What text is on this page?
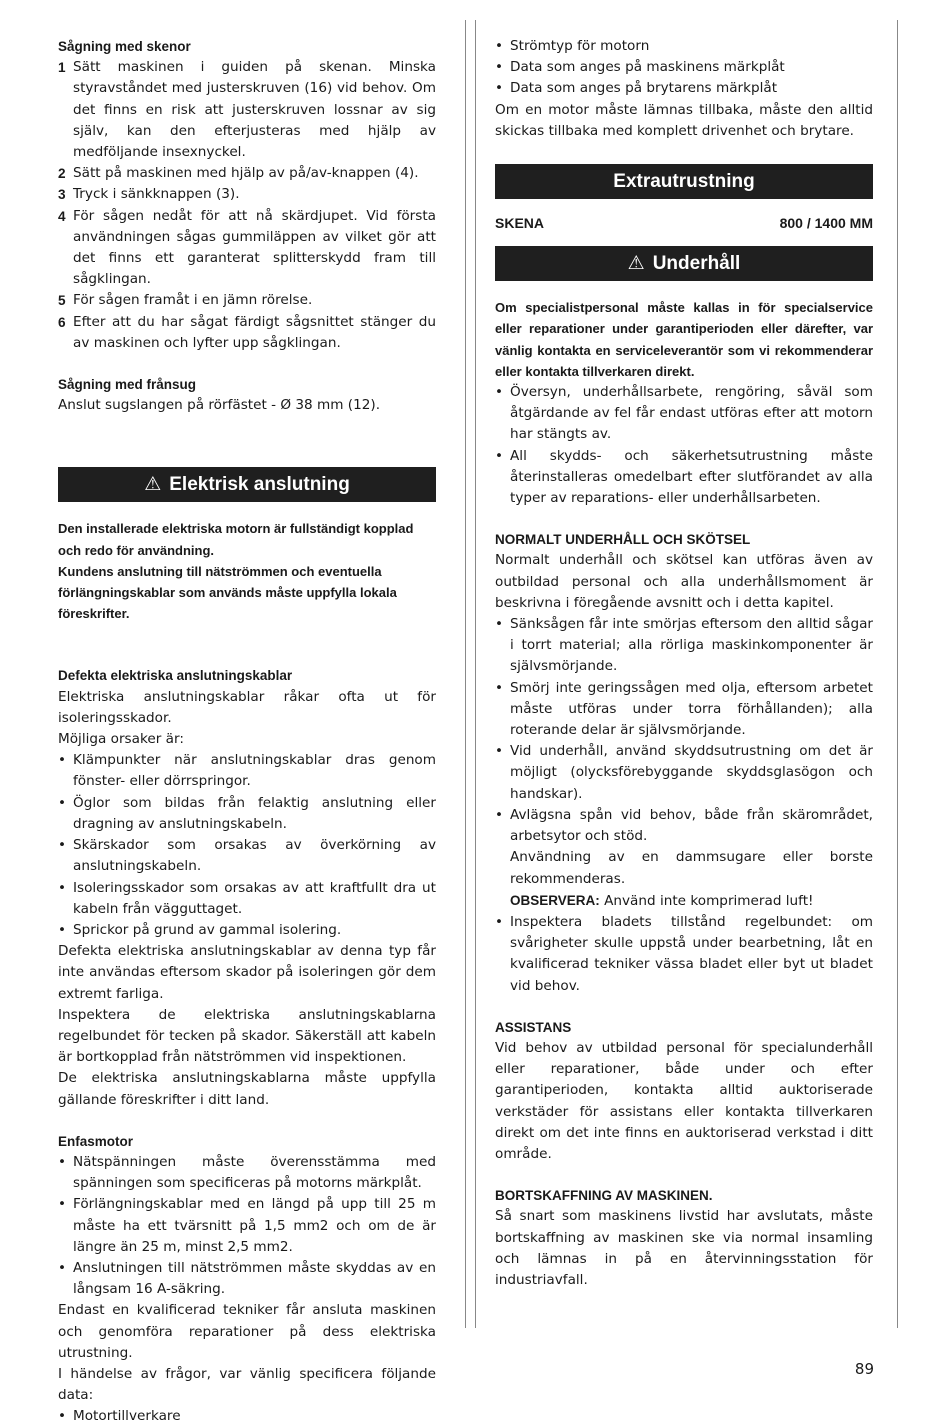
Sågning med skenor

1 Sätt maskinen i guiden på skenan. Minska styravståndet med justerskruven (16) vid behov. Om det finns en risk att justerskruven lossnar av sig själv, kan den efterjusteras med hjälp av medföljande insexnyckel.
2 Sätt på maskinen med hjälp av på/av-knappen (4).
3 Tryck i sänkknappen (3).
4 För sågen nedåt för att nå skärdjupet. Vid första användningen sågas gummiläppen av vilket gör att det finns ett garanterat splitterskydd fram till sågklingan.
5 För sågen framåt i en jämn rörelse.
6 Efter att du har sågat färdigt sågsnittet stänger du av maskinen och lyfter upp sågklingan.

Sågning med frånsug

Anslut sugslangen på rörfästet - Ø 38 mm (12).

⚠ Elektrisk anslutning

Den installerade elektriska motorn är fullständigt kopplad och redo för användning.
Kundens anslutning till nätströmmen och eventuella förlängningskablar som används måste uppfylla lokala föreskrifter.

Defekta elektriska anslutningskablar

Elektriska anslutningskablar råkar ofta ut för isoleringsskador.

Möjliga orsaker är:

• Klämpunkter när anslutningskablar dras genom fönster- eller dörrspringor.
• Öglor som bildas från felaktig anslutning eller dragning av anslutningskabeln.
• Skärskador som orsakas av överkörning av anslutningskabeln.
• Isoleringsskador som orsakas av att kraftfullt dra ut kabeln från vägguttaget.
• Sprickor på grund av gammal isolering.

Defekta elektriska anslutningskablar av denna typ får inte användas eftersom skador på isoleringen gör dem extremt farliga.

Inspektera de elektriska anslutningskablarna regelbundet för tecken på skador. Säkerställ att kabeln är bortkopplad från nätströmmen vid inspektionen.

De elektriska anslutningskablarna måste uppfylla gällande föreskrifter i ditt land.

Enfasmotor

• Nätspänningen måste överensstämma med spänningen som specificeras på motorns märkplåt.
• Förlängningskablar med en längd på upp till 25 m måste ha ett tvärsnitt på 1,5 mm2 och om de är längre än 25 m, minst 2,5 mm2.
• Anslutningen till nätströmmen måste skyddas av en långsam 16 A-säkring.

Endast en kvalificerad tekniker får ansluta maskinen och genomföra reparationer på dess elektriska utrustning.

I händelse av frågor, var vänlig specificera följande data:

• Motortillverkare
• Strömtyp för motorn
• Data som anges på maskinens märkplåt
• Data som anges på brytarens märkplåt

Om en motor måste lämnas tillbaka, måste den alltid skickas tillbaka med komplett drivenhet och brytare.

Extrautrustning
SKENA	800 / 1400 MM
⚠ Underhåll

Om specialistpersonal måste kallas in för specialservice eller reparationer under garantiperioden eller därefter, var vänlig kontakta en serviceleverantör som vi rekommenderar eller kontakta tillverkaren direkt.

• Översyn, underhållsarbete, rengöring, såväl som åtgärdande av fel får endast utföras efter att motorn har stängts av.
• All skydds- och säkerhetsutrustning måste återinstalleras omedelbart efter slutförandet av alla typer av reparations- eller underhållsarbeten.

NORMALT UNDERHÅLL OCH SKÖTSEL

Normalt underhåll och skötsel kan utföras även av outbildad personal och alla underhållsmoment är beskrivna i föregående avsnitt och i detta kapitel.

• Sänksågen får inte smörjas eftersom den alltid sågar i torrt material; alla rörliga maskinkomponenter är självsmörjande.
• Smörj inte geringssågen med olja, eftersom arbetet måste utföras under torra förhållanden); alla roterande delar är självsmörjande.
• Vid underhåll, använd skyddsutrustning om det är möjligt (olycksförebyggande skyddsglasögon och handskar).
• Avlägsna spån vid behov, både från skärområdet, arbetsytor och stöd.

Användning av en dammsugare eller borste rekommenderas.

OBSERVERA: Använd inte komprimerad luft!

• Inspektera bladets tillstånd regelbundet: om svårigheter skulle uppstå under bearbetning, låt en kvalificerad tekniker vässa bladet eller byt ut bladet vid behov.

ASSISTANS

Vid behov av utbildad personal för specialunderhåll eller reparationer, både under och efter garantiperioden, kontakta alltid auktoriserade verkstäder för assistans eller kontakta tillverkaren direkt om det inte finns en auktoriserad verkstad i ditt område.

BORTSKAFFNING AV MASKINEN.

Så snart som maskinens livstid har avslutats, måste bortskaffning av maskinen ske via normal insamling och lämnas in på en återvinningsstation för industriavfall.

89
